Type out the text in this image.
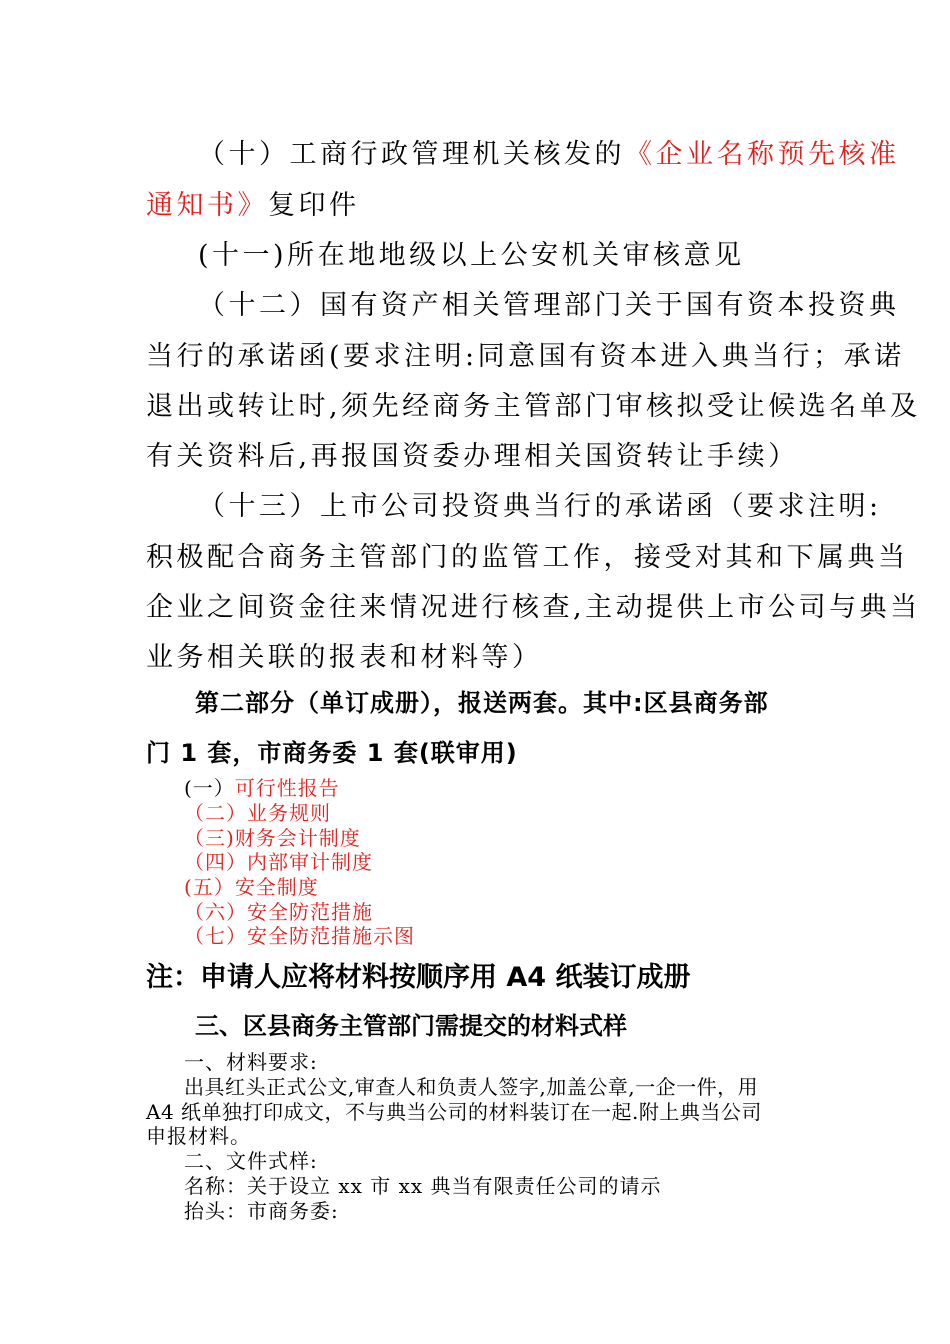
（十）工商行政管理机关核发的《企业名称预先核准
通知书》复印件
(十一)所在地地级以上公安机关审核意见
（十二）国有资产相关管理部门关于国有资本投资典
当行的承诺函(要求注明:同意国有资本进入典当行；承诺
退出或转让时,须先经商务主管部门审核拟受让候选名单及
有关资料后,再报国资委办理相关国资转让手续）
（十三）上市公司投资典当行的承诺函（要求注明:
积极配合商务主管部门的监管工作，接受对其和下属典当
企业之间资金往来情况进行核查,主动提供上市公司与典当
业务相关联的报表和材料等）
第二部分（单订成册），报送两套。其中:区县商务部
门 1 套，市商务委 1 套(联审用)
(一）可行性报告
（二）业务规则
（三)财务会计制度
（四）内部审计制度
(五）安全制度
（六）安全防范措施
（七）安全防范措施示图
注：申请人应将材料按顺序用 A4 纸装订成册
三、区县商务主管部门需提交的材料式样
一、材料要求:
出具红头正式公文,审查人和负责人签字,加盖公章,一企一件，用
A4 纸单独打印成文，不与典当公司的材料装订在一起.附上典当公司
申报材料。
二、文件式样:
名称：关于设立 xx 市 xx 典当有限责任公司的请示
抬头：市商务委:
